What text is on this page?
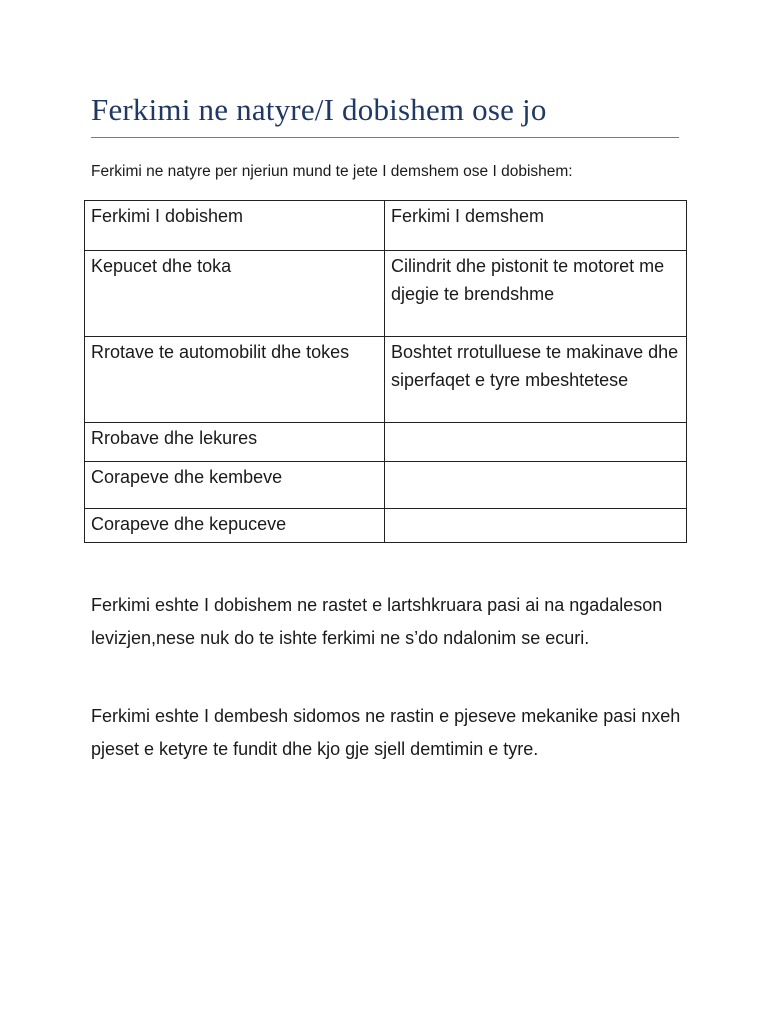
Ferkimi ne natyre/I dobishem ose jo
Ferkimi ne natyre per njeriun mund te jete I demshem ose I dobishem:
Ferkimi I dobishem	Ferkimi I demshem

Kepucet dhe toka	Cilindrit dhe pistonit te motoret me djegie te brendshme

Rrotave te automobilit dhe tokes	Boshtet rrotulluese te makinave dhe siperfaqet e tyre mbeshtetese

Rrobave dhe lekures	

Corapeve dhe kembeve	

Corapeve dhe kepuceve	

Ferkimi eshte I dobishem ne rastet e lartshkruara pasi ai na ngadaleson levizjen,nese nuk do te ishte ferkimi ne s’do ndalonim se ecuri.

Ferkimi eshte I dembesh sidomos ne rastin e pjeseve mekanike pasi nxeh pjeset e ketyre te fundit dhe kjo gje sjell demtimin e tyre.
